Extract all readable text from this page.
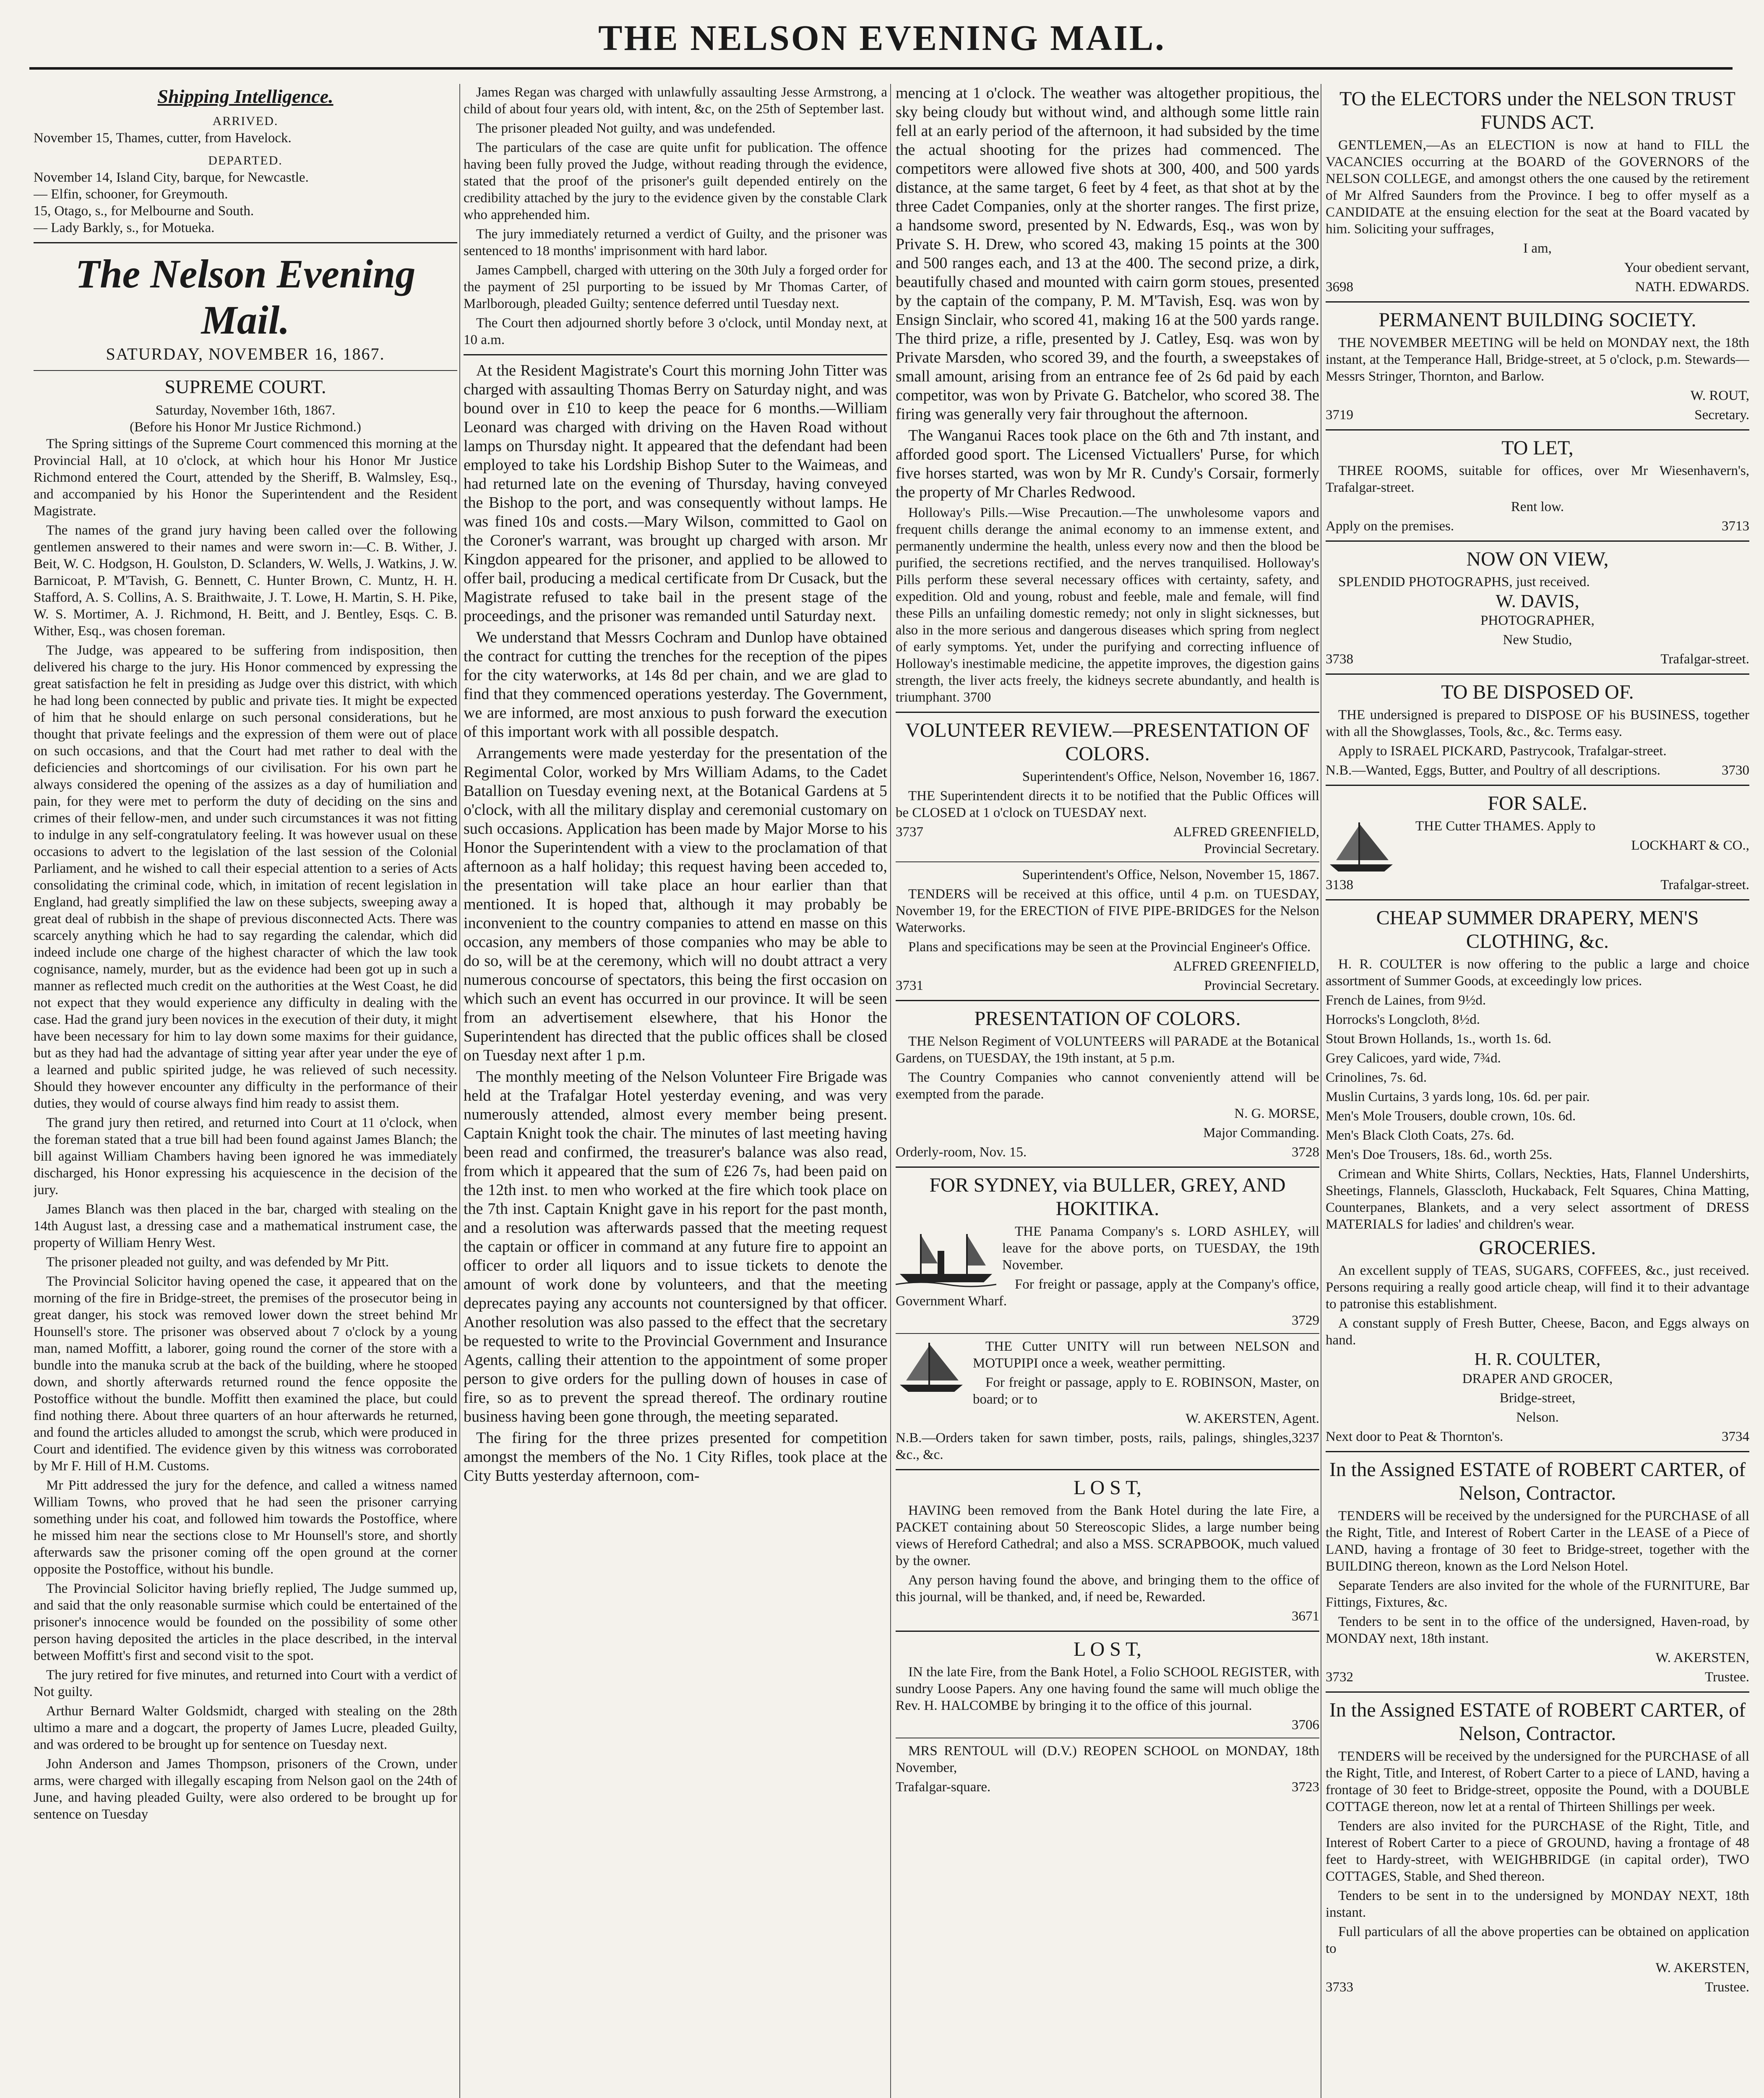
THE NELSON EVENING MAIL.
Shipping Intelligence.
ARRIVED.
November 15, Thames, cutter, from Havelock.
DEPARTED.
November 14, Island City, barque, for Newcastle.
— Elfin, schooner, for Greymouth.
15, Otago, s., for Melbourne and South.
— Lady Barkly, s., for Motueka.
The Nelson Evening Mail.
SATURDAY, NOVEMBER 16, 1867.
SUPREME COURT.
Saturday, November 16th, 1867.
(Before his Honor Mr Justice Richmond.)

The Spring sittings of the Supreme Court commenced this morning at the Provincial Hall, at 10 o'clock, at which hour his Honor Mr Justice Richmond entered the Court, attended by the Sheriff, B. Walmsley, Esq., and accompanied by his Honor the Superintendent and the Resident Magistrate.

The names of the grand jury having been called over the following gentlemen answered to their names and were sworn in:—C. B. Wither, J. Beit, W. C. Hodgson, H. Goulston, D. Sclanders, W. Wells, J. Watkins, J. W. Barnicoat, P. M'Tavish, G. Bennett, C. Hunter Brown, C. Muntz, H. H. Stafford, A. S. Collins, A. S. Braithwaite, J. T. Lowe, H. Martin, S. H. Pike, W. S. Mortimer, A. J. Richmond, H. Beitt, and J. Bentley, Esqs. C. B. Wither, Esq., was chosen foreman.

The Judge, was appeared to be suffering from indisposition, then delivered his charge to the jury. His Honor commenced by expressing the great satisfaction he felt in presiding as Judge over this district, with which he had long been connected by public and private ties. It might be expected of him that he should enlarge on such personal considerations, but he thought that private feelings and the expression of them were out of place on such occasions, and that the Court had met rather to deal with the deficiencies and shortcomings of our civilisation. For his own part he always considered the opening of the assizes as a day of humiliation and pain, for they were met to perform the duty of deciding on the sins and crimes of their fellow-men, and under such circumstances it was not fitting to indulge in any self-congratulatory feeling. It was however usual on these occasions to advert to the legislation of the last session of the Colonial Parliament, and he wished to call their especial attention to a series of Acts consolidating the criminal code, which, in imitation of recent legislation in England, had greatly simplified the law on these subjects, sweeping away a great deal of rubbish in the shape of previous disconnected Acts. There was scarcely anything which he had to say regarding the calendar, which did indeed include one charge of the highest character of which the law took cognisance, namely, murder, but as the evidence had been got up in such a manner as reflected much credit on the authorities at the West Coast, he did not expect that they would experience any difficulty in dealing with the case. Had the grand jury been novices in the execution of their duty, it might have been necessary for him to lay down some maxims for their guidance, but as they had had the advantage of sitting year after year under the eye of a learned and public spirited judge, he was relieved of such necessity. Should they however encounter any difficulty in the performance of their duties, they would of course always find him ready to assist them.

The grand jury then retired, and returned into Court at 11 o'clock, when the foreman stated that a true bill had been found against James Blanch; the bill against William Chambers having been ignored he was immediately discharged, his Honor expressing his acquiescence in the decision of the jury.

James Blanch was then placed in the bar, charged with stealing on the 14th August last, a dressing case and a mathematical instrument case, the property of William Henry West.

The prisoner pleaded not guilty, and was defended by Mr Pitt.

The Provincial Solicitor having opened the case, it appeared that on the morning of the fire in Bridge-street, the premises of the prosecutor being in great danger, his stock was removed lower down the street behind Mr Hounsell's store. The prisoner was observed about 7 o'clock by a young man, named Moffitt, a laborer, going round the corner of the store with a bundle into the manuka scrub at the back of the building, where he stooped down, and shortly afterwards returned round the fence opposite the Postoffice without the bundle. Moffitt then examined the place, but could find nothing there. About three quarters of an hour afterwards he returned, and found the articles alluded to amongst the scrub, which were produced in Court and identified. The evidence given by this witness was corroborated by Mr F. Hill of H.M. Customs.

Mr Pitt addressed the jury for the defence, and called a witness named William Towns, who proved that he had seen the prisoner carrying something under his coat, and followed him towards the Postoffice, where he missed him near the sections close to Mr Hounsell's store, and shortly afterwards saw the prisoner coming off the open ground at the corner opposite the Postoffice, without his bundle.

The Provincial Solicitor having briefly replied, The Judge summed up, and said that the only reasonable surmise which could be entertained of the prisoner's innocence would be founded on the possibility of some other person having deposited the articles in the place described, in the interval between Moffitt's first and second visit to the spot.

The jury retired for five minutes, and returned into Court with a verdict of Not guilty.

Arthur Bernard Walter Goldsmidt, charged with stealing on the 28th ultimo a mare and a dogcart, the property of James Lucre, pleaded Guilty, and was ordered to be brought up for sentence on Tuesday next.

John Anderson and James Thompson, prisoners of the Crown, under arms, were charged with illegally escaping from Nelson gaol on the 24th of June, and having pleaded Guilty, were also ordered to be brought up for sentence on Tuesday

James Regan was charged with unlawfully assaulting Jesse Armstrong, a child of about four years old, with intent, &c, on the 25th of September last.

The prisoner pleaded Not guilty, and was undefended.

The particulars of the case are quite unfit for publication. The offence having been fully proved the Judge, without reading through the evidence, stated that the proof of the prisoner's guilt depended entirely on the credibility attached by the jury to the evidence given by the constable Clark who apprehended him.

The jury immediately returned a verdict of Guilty, and the prisoner was sentenced to 18 months' imprisonment with hard labor.

James Campbell, charged with uttering on the 30th July a forged order for the payment of 25l purporting to be issued by Mr Thomas Carter, of Marlborough, pleaded Guilty; sentence deferred until Tuesday next.

The Court then adjourned shortly before 3 o'clock, until Monday next, at 10 a.m.

At the Resident Magistrate's Court this morning John Titter was charged with assaulting Thomas Berry on Saturday night, and was bound over in £10 to keep the peace for 6 months.—William Leonard was charged with driving on the Haven Road without lamps on Thursday night. It appeared that the defendant had been employed to take his Lordship Bishop Suter to the Waimeas, and had returned late on the evening of Thursday, having conveyed the Bishop to the port, and was consequently without lamps. He was fined 10s and costs.—Mary Wilson, committed to Gaol on the Coroner's warrant, was brought up charged with arson. Mr Kingdon appeared for the prisoner, and applied to be allowed to offer bail, producing a medical certificate from Dr Cusack, but the Magistrate refused to take bail in the present stage of the proceedings, and the prisoner was remanded until Saturday next.

We understand that Messrs Cochram and Dunlop have obtained the contract for cutting the trenches for the reception of the pipes for the city waterworks, at 14s 8d per chain, and we are glad to find that they commenced operations yesterday. The Government, we are informed, are most anxious to push forward the execution of this important work with all possible despatch.

Arrangements were made yesterday for the presentation of the Regimental Color, worked by Mrs William Adams, to the Cadet Batallion on Tuesday evening next, at the Botanical Gardens at 5 o'clock, with all the military display and ceremonial customary on such occasions. Application has been made by Major Morse to his Honor the Superintendent with a view to the proclamation of that afternoon as a half holiday; this request having been acceded to, the presentation will take place an hour earlier than that mentioned. It is hoped that, although it may probably be inconvenient to the country companies to attend en masse on this occasion, any members of those companies who may be able to do so, will be at the ceremony, which will no doubt attract a very numerous concourse of spectators, this being the first occasion on which such an event has occurred in our province. It will be seen from an advertisement elsewhere, that his Honor the Superintendent has directed that the public offices shall be closed on Tuesday next after 1 p.m.

The monthly meeting of the Nelson Volunteer Fire Brigade was held at the Trafalgar Hotel yesterday evening, and was very numerously attended, almost every member being present. Captain Knight took the chair. The minutes of last meeting having been read and confirmed, the treasurer's balance was also read, from which it appeared that the sum of £26 7s, had been paid on the 12th inst. to men who worked at the fire which took place on the 7th inst. Captain Knight gave in his report for the past month, and a resolution was afterwards passed that the meeting request the captain or officer in command at any future fire to appoint an officer to order all liquors and to issue tickets to denote the amount of work done by volunteers, and that the meeting deprecates paying any accounts not countersigned by that officer. Another resolution was also passed to the effect that the secretary be requested to write to the Provincial Government and Insurance Agents, calling their attention to the appointment of some proper person to give orders for the pulling down of houses in case of fire, so as to prevent the spread thereof. The ordinary routine business having been gone through, the meeting separated.

The firing for the three prizes presented for competition amongst the members of the No. 1 City Rifles, took place at the City Butts yesterday afternoon, com-

mencing at 1 o'clock. The weather was altogether propitious, the sky being cloudy but without wind, and although some little rain fell at an early period of the afternoon, it had subsided by the time the actual shooting for the prizes had commenced. The competitors were allowed five shots at 300, 400, and 500 yards distance, at the same target, 6 feet by 4 feet, as that shot at by the three Cadet Companies, only at the shorter ranges. The first prize, a handsome sword, presented by N. Edwards, Esq., was won by Private S. H. Drew, who scored 43, making 15 points at the 300 and 500 ranges each, and 13 at the 400. The second prize, a dirk, beautifully chased and mounted with cairn gorm stoues, presented by the captain of the company, P. M. M'Tavish, Esq. was won by Ensign Sinclair, who scored 41, making 16 at the 500 yards range. The third prize, a rifle, presented by J. Catley, Esq. was won by Private Marsden, who scored 39, and the fourth, a sweepstakes of small amount, arising from an entrance fee of 2s 6d paid by each competitor, was won by Private G. Batchelor, who scored 38. The firing was generally very fair throughout the afternoon.

The Wanganui Races took place on the 6th and 7th instant, and afforded good sport. The Licensed Victuallers' Purse, for which five horses started, was won by Mr R. Cundy's Corsair, formerly the property of Mr Charles Redwood.

Holloway's Pills.—Wise Precaution.—The unwholesome vapors and frequent chills derange the animal economy to an immense extent, and permanently undermine the health, unless every now and then the blood be purified, the secretions rectified, and the nerves tranquilised. Holloway's Pills perform these several necessary offices with certainty, safety, and expedition. Old and young, robust and feeble, male and female, will find these Pills an unfailing domestic remedy; not only in slight sicknesses, but also in the more serious and dangerous diseases which spring from neglect of early symptoms. Yet, under the purifying and correcting influence of Holloway's inestimable medicine, the appetite improves, the digestion gains strength, the liver acts freely, the kidneys secrete abundantly, and health is triumphant. 3700

VOLUNTEER REVIEW.—PRESENTATION OF COLORS.

Superintendent's Office, Nelson, November 16, 1867.

THE Superintendent directs it to be notified that the Public Offices will be CLOSED at 1 o'clock on TUESDAY next.

3737	ALFRED GREENFIELD,

Provincial Secretary.

Superintendent's Office, Nelson, November 15, 1867.

TENDERS will be received at this office, until 4 p.m. on TUESDAY, November 19, for the ERECTION of FIVE PIPE-BRIDGES for the Nelson Waterworks.

Plans and specifications may be seen at the Provincial Engineer's Office.

ALFRED GREENFIELD,

3731	Provincial Secretary.
PRESENTATION OF COLORS.

THE Nelson Regiment of VOLUNTEERS will PARADE at the Botanical Gardens, on TUESDAY, the 19th instant, at 5 p.m.

The Country Companies who cannot conveniently attend will be exempted from the parade.

N. G. MORSE,

Major Commanding.

Orderly-room, Nov. 15.	3728
FOR SYDNEY, via BULLER, GREY, AND HOKITIKA.

THE Panama Company's s. LORD ASHLEY, will leave for the above ports, on TUESDAY, the 19th November.

For freight or passage, apply at the Company's office, Government Wharf.

3729

THE Cutter UNITY will run between NELSON and MOTUPIPI once a week, weather permitting.

For freight or passage, apply to E. ROBINSON, Master, on board; or to

W. AKERSTEN, Agent.

N.B.—Orders taken for sawn timber, posts, rails, palings, shingles, &c., &c.
3237
L O S T,

HAVING been removed from the Bank Hotel during the late Fire, a PACKET containing about 50 Stereoscopic Slides, a large number being views of Hereford Cathedral; and also a MSS. SCRAPBOOK, much valued by the owner.

Any person having found the above, and bringing them to the office of this journal, will be thanked, and, if need be, Rewarded.

3671

L O S T,

IN the late Fire, from the Bank Hotel, a Folio SCHOOL REGISTER, with sundry Loose Papers. Any one having found the same will much oblige the Rev. H. HALCOMBE by bringing it to the office of this journal.

3706

MRS RENTOUL will (D.V.) REOPEN SCHOOL on MONDAY, 18th November,

Trafalgar-square.	3723
TO the ELECTORS under the NELSON TRUST FUNDS ACT.

GENTLEMEN,—As an ELECTION is now at hand to FILL the VACANCIES occurring at the BOARD of the GOVERNORS of the NELSON COLLEGE, and amongst others the one caused by the retirement of Mr Alfred Saunders from the Province. I beg to offer myself as a CANDIDATE at the ensuing election for the seat at the Board vacated by him. Soliciting your suffrages,

I am,

Your obedient servant,

3698	NATH. EDWARDS.
PERMANENT BUILDING SOCIETY.

THE NOVEMBER MEETING will be held on MONDAY next, the 18th instant, at the Temperance Hall, Bridge-street, at 5 o'clock, p.m. Stewards—Messrs Stringer, Thornton, and Barlow.

W. ROUT,

3719	Secretary.
TO LET,

THREE ROOMS, suitable for offices, over Mr Wiesenhavern's, Trafalgar-street.

Rent low.

Apply on the premises.	3713
NOW ON VIEW,

SPLENDID PHOTOGRAPHS, just received.

W. DAVIS,

PHOTOGRAPHER,

New Studio,

3738	Trafalgar-street.
TO BE DISPOSED OF.

THE undersigned is prepared to DISPOSE OF his BUSINESS, together with all the Showglasses, Tools, &c., &c. Terms easy.

Apply to ISRAEL PICKARD, Pastrycook, Trafalgar-street.

N.B.—Wanted, Eggs, Butter, and Poultry of all descriptions.	3730
FOR SALE.

THE Cutter THAMES. Apply to

LOCKHART & CO.,

3138	Trafalgar-street.
CHEAP SUMMER DRAPERY, MEN'S CLOTHING, &c.

H. R. COULTER is now offering to the public a large and choice assortment of Summer Goods, at exceedingly low prices.

French de Laines, from 9½d.

Horrocks's Longcloth, 8½d.

Stout Brown Hollands, 1s., worth 1s. 6d.

Grey Calicoes, yard wide, 7¾d.

Crinolines, 7s. 6d.

Muslin Curtains, 3 yards long, 10s. 6d. per pair.

Men's Mole Trousers, double crown, 10s. 6d.

Men's Black Cloth Coats, 27s. 6d.

Men's Doe Trousers, 18s. 6d., worth 25s.

Crimean and White Shirts, Collars, Neckties, Hats, Flannel Undershirts, Sheetings, Flannels, Glasscloth, Huckaback, Felt Squares, China Matting, Counterpanes, Blankets, and a very select assortment of DRESS MATERIALS for ladies' and children's wear.

GROCERIES.

An excellent supply of TEAS, SUGARS, COFFEES, &c., just received. Persons requiring a really good article cheap, will find it to their advantage to patronise this establishment.

A constant supply of Fresh Butter, Cheese, Bacon, and Eggs always on hand.

H. R. COULTER,

DRAPER AND GROCER,

Bridge-street,

Nelson.

Next door to Peat & Thornton's.	3734
In the Assigned ESTATE of ROBERT CARTER, of Nelson, Contractor.

TENDERS will be received by the undersigned for the PURCHASE of all the Right, Title, and Interest of Robert Carter in the LEASE of a Piece of LAND, having a frontage of 30 feet to Bridge-street, together with the BUILDING thereon, known as the Lord Nelson Hotel.

Separate Tenders are also invited for the whole of the FURNITURE, Bar Fittings, Fixtures, &c.

Tenders to be sent in to the office of the undersigned, Haven-road, by MONDAY next, 18th instant.

W. AKERSTEN,

3732	Trustee.
In the Assigned ESTATE of ROBERT CARTER, of Nelson, Contractor.

TENDERS will be received by the undersigned for the PURCHASE of all the Right, Title, and Interest, of Robert Carter to a piece of LAND, having a frontage of 30 feet to Bridge-street, opposite the Pound, with a DOUBLE COTTAGE thereon, now let at a rental of Thirteen Shillings per week.

Tenders are also invited for the PURCHASE of the Right, Title, and Interest of Robert Carter to a piece of GROUND, having a frontage of 48 feet to Hardy-street, with WEIGHBRIDGE (in capital order), TWO COTTAGES, Stable, and Shed thereon.

Tenders to be sent in to the undersigned by MONDAY NEXT, 18th instant.

Full particulars of all the above properties can be obtained on application to

W. AKERSTEN,

3733	Trustee.
